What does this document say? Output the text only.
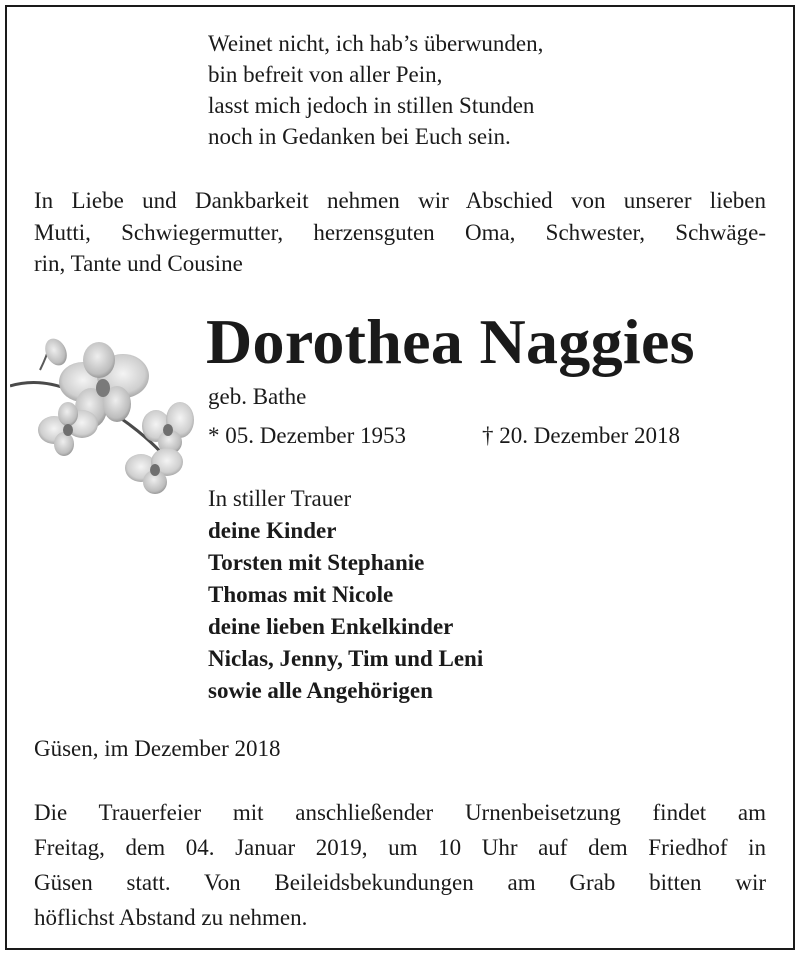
Weinet nicht, ich hab’s überwunden,
bin befreit von aller Pein,
lasst mich jedoch in stillen Stunden
noch in Gedanken bei Euch sein.
In Liebe und Dankbarkeit nehmen wir Abschied von unserer lieben
Mutti, Schwiegermutter, herzensguten Oma, Schwester, Schwäge-
rin, Tante und Cousine
Dorothea Naggies
geb. Bathe
* 05. Dezember 1953	† 20. Dezember 2018
In stiller Trauer
deine Kinder
Torsten mit Stephanie
Thomas mit Nicole
deine lieben Enkelkinder
Niclas, Jenny, Tim und Leni
sowie alle Angehörigen
Güsen, im Dezember 2018
Die Trauerfeier mit anschließender Urnenbeisetzung findet am
Freitag, dem 04. Januar 2019, um 10 Uhr auf dem Friedhof in
Güsen statt. Von Beileidsbekundungen am Grab bitten wir
höflichst Abstand zu nehmen.
